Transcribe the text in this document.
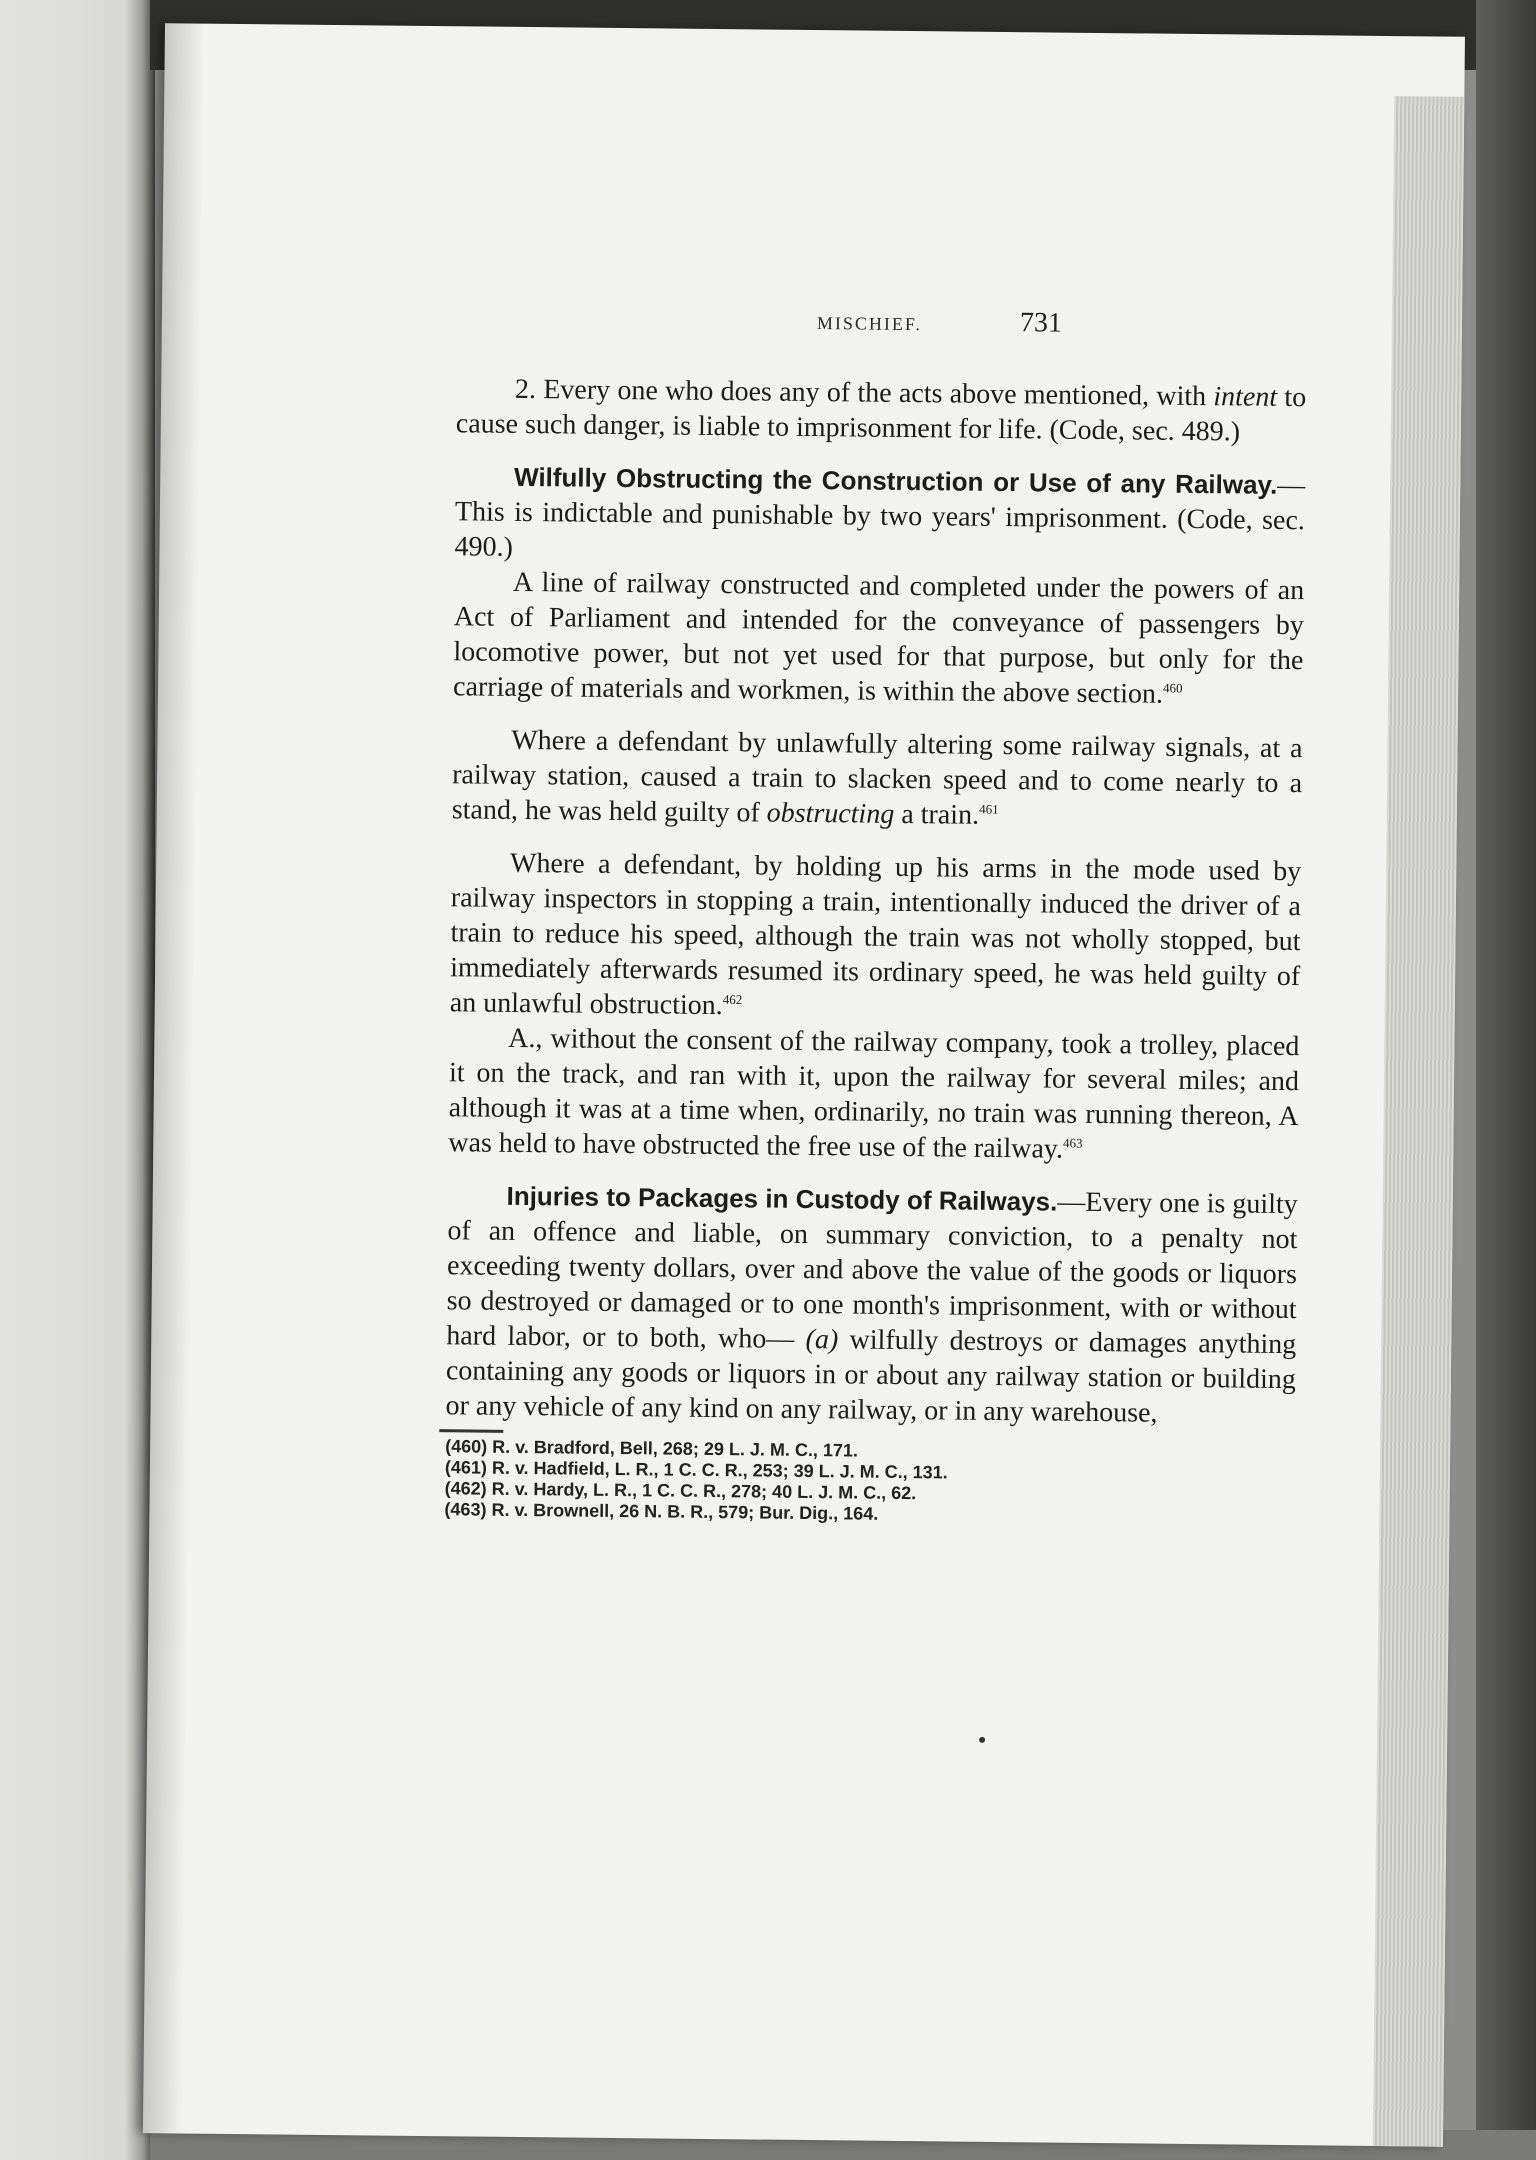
MISCHIEF.	731

2. Every one who does any of the acts above mentioned, with intent to cause such danger, is liable to imprisonment for life. (Code, sec. 489.)

Wilfully Obstructing the Construction or Use of any Railway.—This is indictable and punishable by two years' imprisonment. (Code, sec. 490.)

A line of railway constructed and completed under the powers of an Act of Parliament and intended for the conveyance of passengers by locomotive power, but not yet used for that purpose, but only for the carriage of materials and workmen, is within the above section.$^{460}$

Where a defendant by unlawfully altering some railway signals, at a railway station, caused a train to slacken speed and to come nearly to a stand, he was held guilty of obstructing a train.$^{461}$

Where a defendant, by holding up his arms in the mode used by railway inspectors in stopping a train, intentionally induced the driver of a train to reduce his speed, although the train was not wholly stopped, but immediately afterwards resumed its ordinary speed, he was held guilty of an unlawful obstruction.$^{462}$

A., without the consent of the railway company, took a trolley, placed it on the track, and ran with it, upon the railway for several miles; and although it was at a time when, ordinarily, no train was running thereon, A was held to have obstructed the free use of the railway.$^{463}$

Injuries to Packages in Custody of Railways.—Every one is guilty of an offence and liable, on summary conviction, to a penalty not exceeding twenty dollars, over and above the value of the goods or liquors so destroyed or damaged or to one month's imprisonment, with or without hard labor, or to both, who— (a) wilfully destroys or damages anything containing any goods or liquors in or about any railway station or building or any vehicle of any kind on any railway, or in any warehouse,

(460) R. v. Bradford, Bell, 268; 29 L. J. M. C., 171.
(461) R. v. Hadfield, L. R., 1 C. C. R., 253; 39 L. J. M. C., 131.
(462) R. v. Hardy, L. R., 1 C. C. R., 278; 40 L. J. M. C., 62.
(463) R. v. Brownell, 26 N. B. R., 579; Bur. Dig., 164.
